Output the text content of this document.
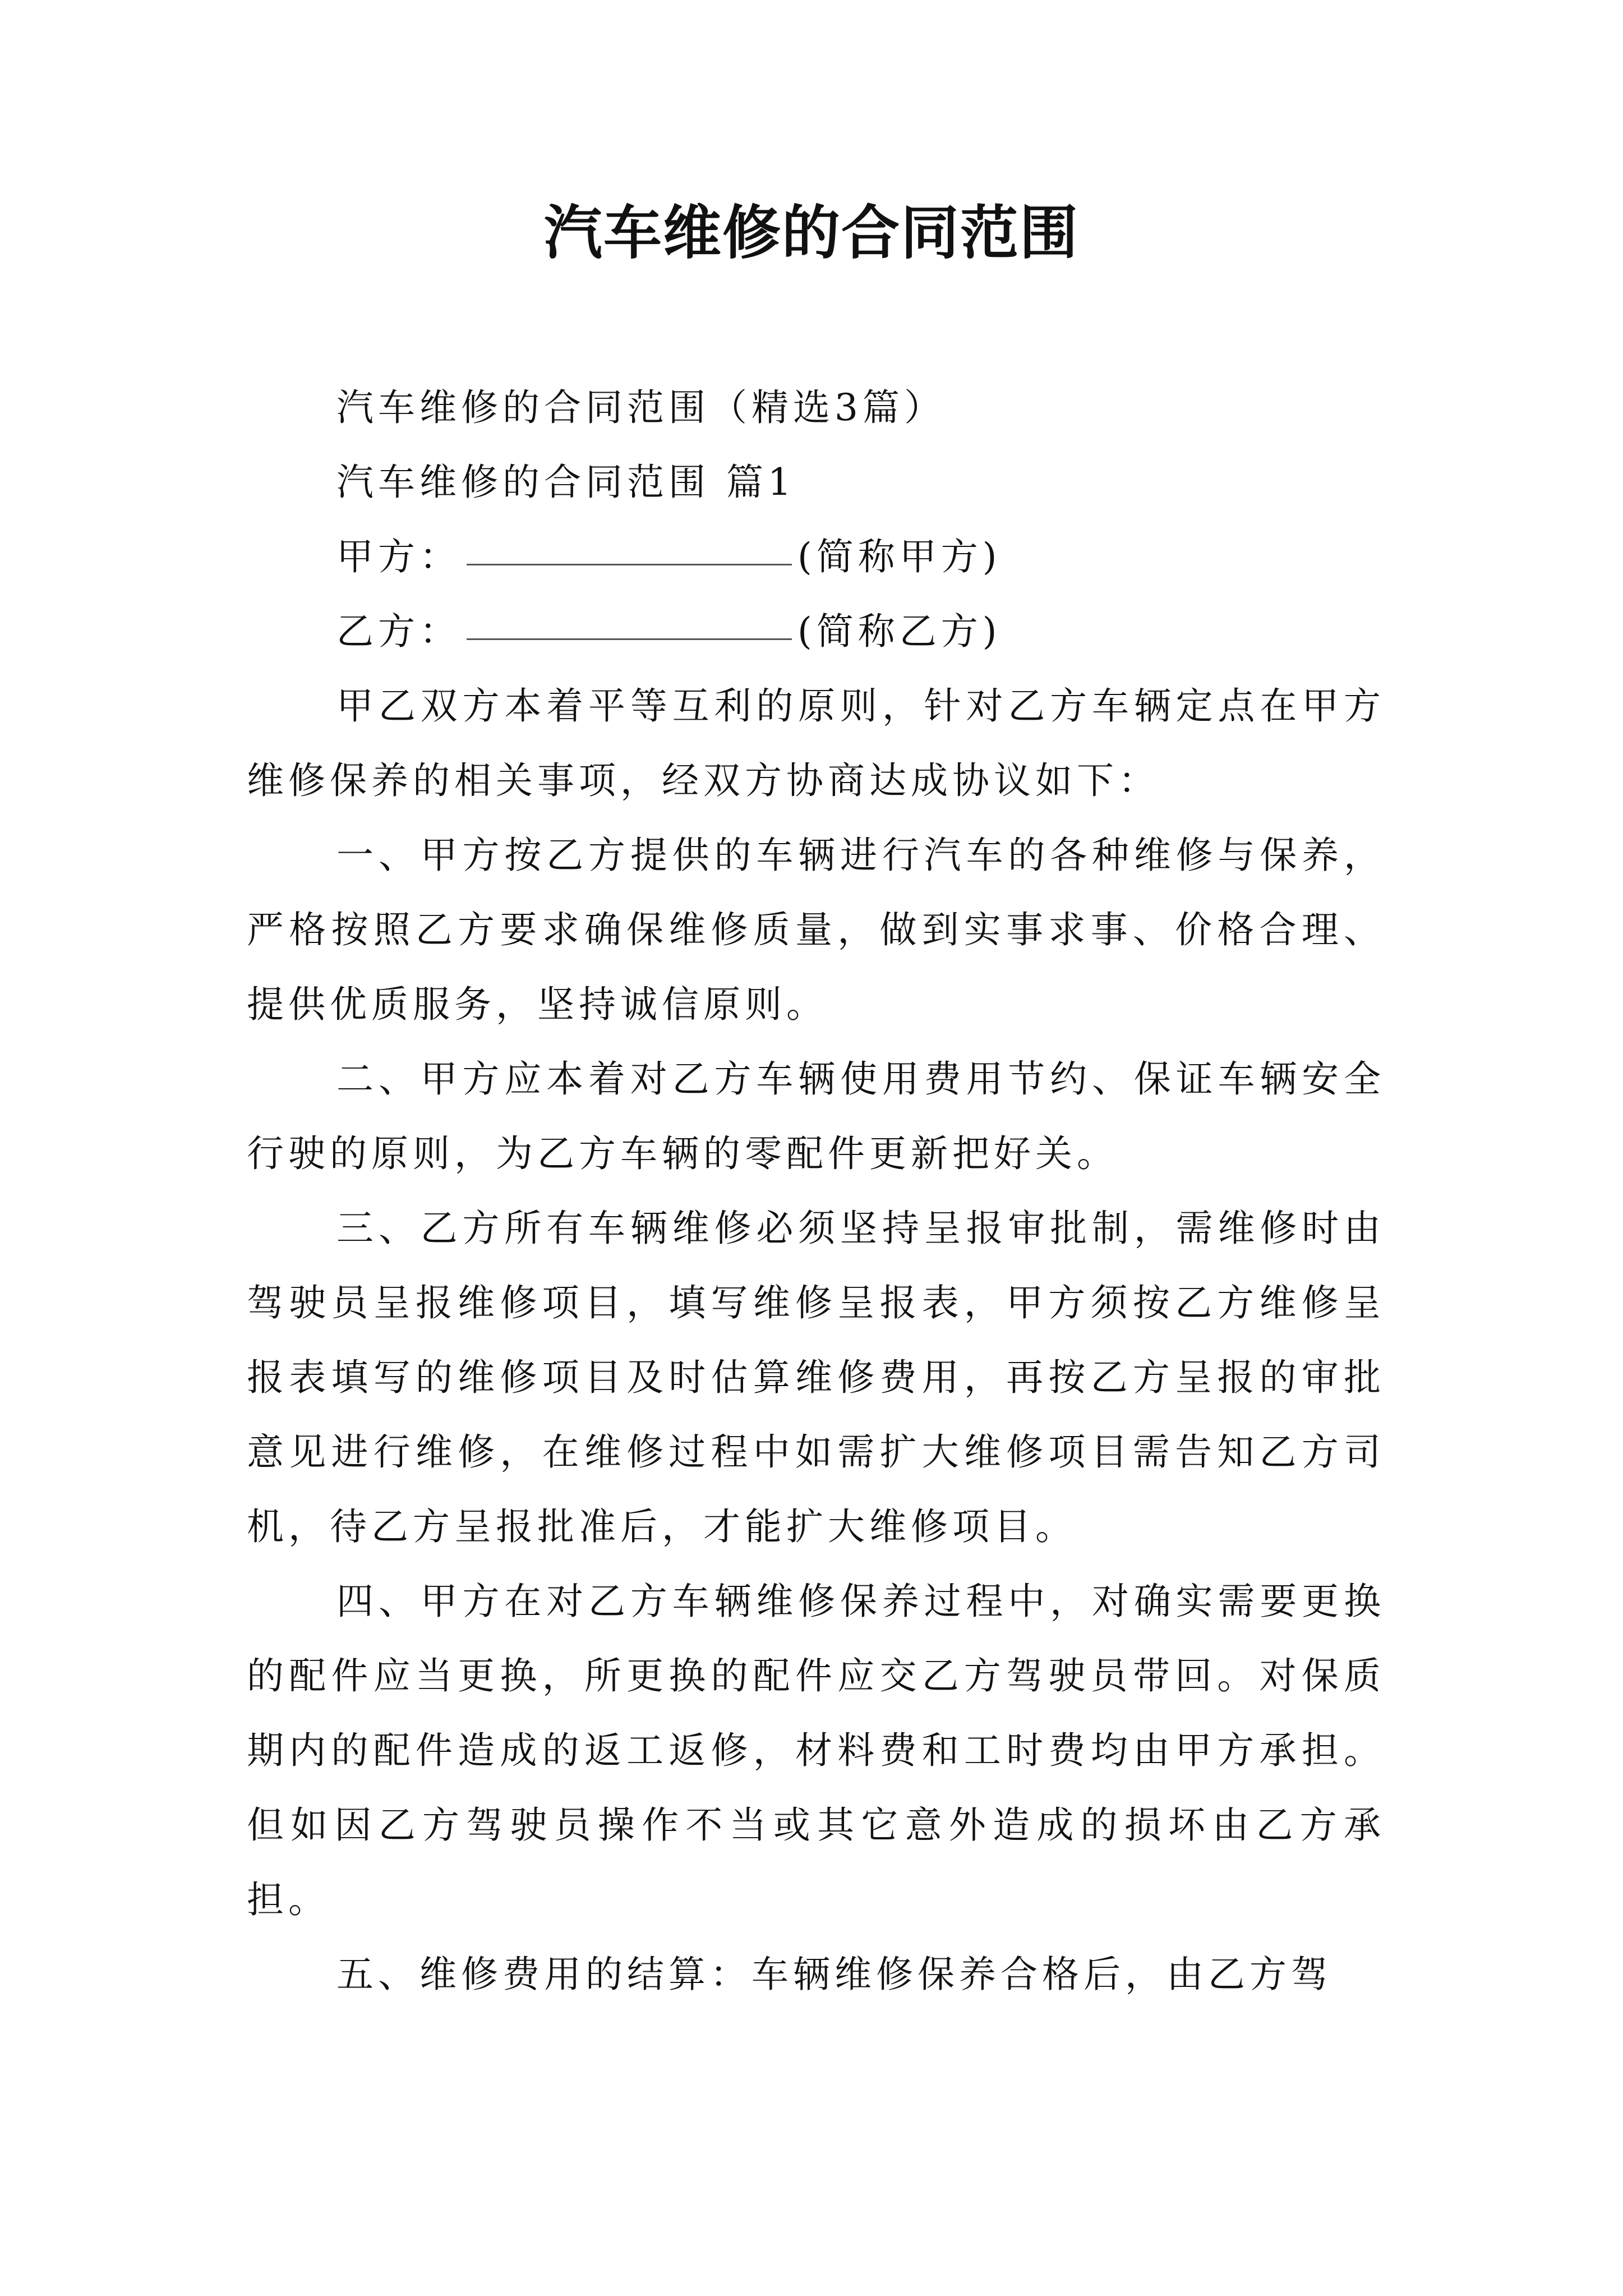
汽车维修的合同范围

汽车维修的合同范围（精选3篇）

汽车维修的合同范围 篇1

甲方：	(简称甲方)

乙方：	(简称乙方)

甲乙双方本着平等互利的原则，针对乙方车辆定点在甲方维修保养的相关事项，经双方协商达成协议如下：

一、甲方按乙方提供的车辆进行汽车的各种维修与保养，严格按照乙方要求确保维修质量，做到实事求事、价格合理、提供优质服务，坚持诚信原则。

二、甲方应本着对乙方车辆使用费用节约、保证车辆安全行驶的原则，为乙方车辆的零配件更新把好关。

三、乙方所有车辆维修必须坚持呈报审批制，需维修时由驾驶员呈报维修项目，填写维修呈报表，甲方须按乙方维修呈报表填写的维修项目及时估算维修费用，再按乙方呈报的审批意见进行维修，在维修过程中如需扩大维修项目需告知乙方司机，待乙方呈报批准后，才能扩大维修项目。

四、甲方在对乙方车辆维修保养过程中，对确实需要更换的配件应当更换，所更换的配件应交乙方驾驶员带回。对保质期内的配件造成的返工返修，材料费和工时费均由甲方承担。但如因乙方驾驶员操作不当或其它意外造成的损坏由乙方承担。

五、维修费用的结算：车辆维修保养合格后，由乙方驾
